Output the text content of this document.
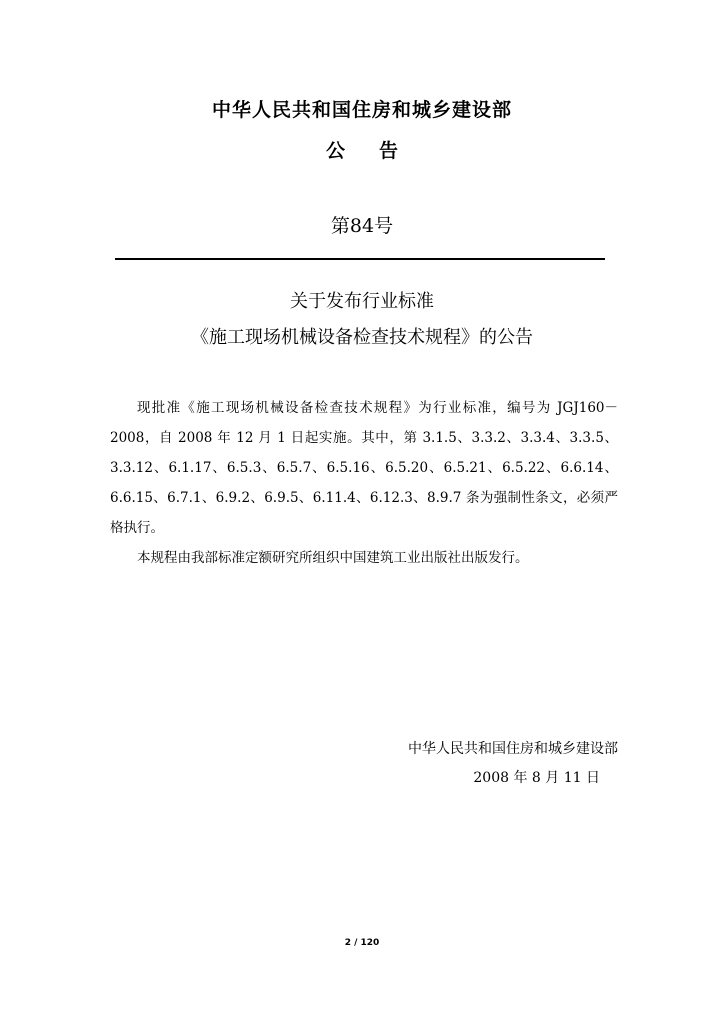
中华人民共和国住房和城乡建设部
公告
第84号
关于发布行业标准
《施工现场机械设备检查技术规程》的公告

现批准《施工现场机械设备检查技术规程》为行业标准，编号为 JGJ160－2008，自 2008 年 12 月 1 日起实施。其中，第 3.1.5、3.3.2、3.3.4、3.3.5、3.3.12、6.1.17、6.5.3、6.5.7、6.5.16、6.5.20、6.5.21、6.5.22、6.6.14、6.6.15、6.7.1、6.9.2、6.9.5、6.11.4、6.12.3、8.9.7 条为强制性条文，必须严格执行。

本规程由我部标准定额研究所组织中国建筑工业出版社出版发行。

中华人民共和国住房和城乡建设部
2008 年 8 月 11 日
2 / 120
